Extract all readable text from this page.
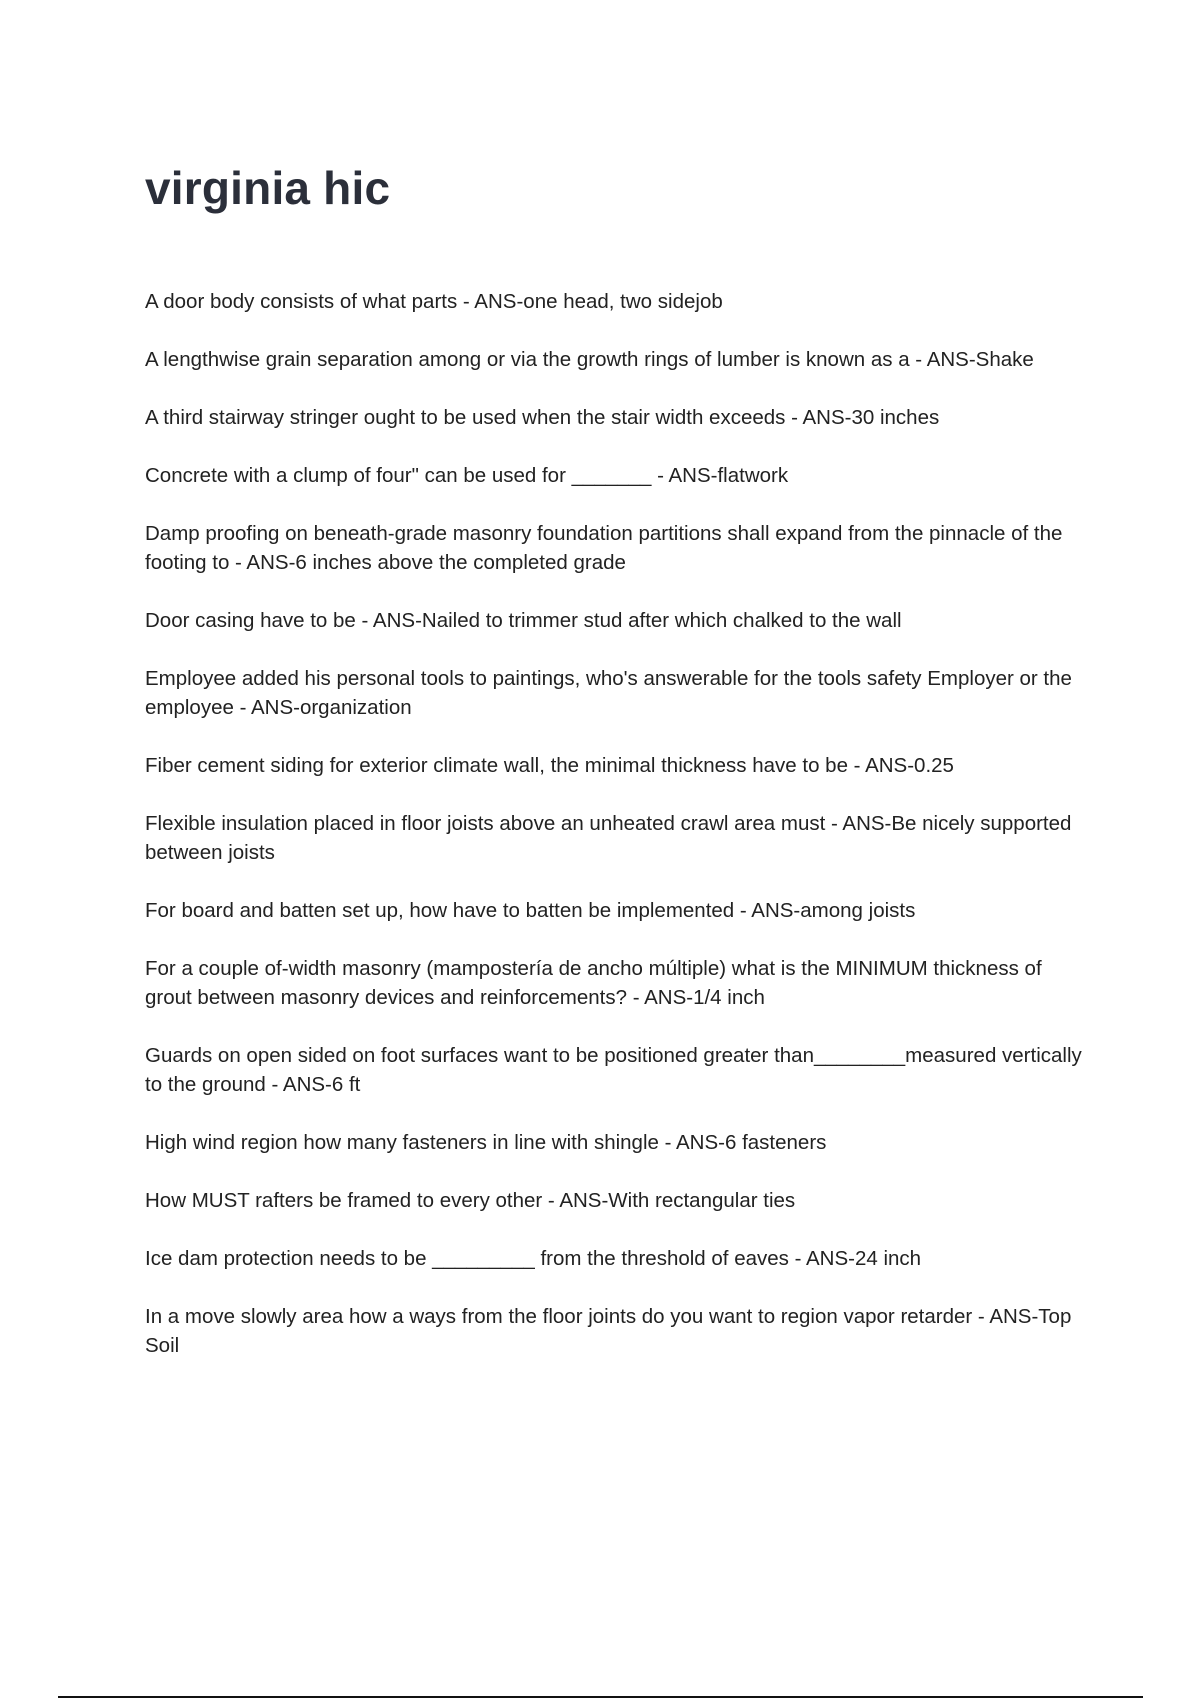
virginia hic
A door body consists of what parts - ANS-one head, two sidejob
A lengthwise grain separation among or via the growth rings of lumber is known as a - ANS-Shake
A third stairway stringer ought to be used when the stair width exceeds - ANS-30 inches
Concrete with a clump of four" can be used for _______ - ANS-flatwork
Damp proofing on beneath-grade masonry foundation partitions shall expand from the pinnacle of the footing to - ANS-6 inches above the completed grade
Door casing have to be - ANS-Nailed to trimmer stud after which chalked to the wall
Employee added his personal tools to paintings, who's answerable for the tools safety Employer or the employee - ANS-organization
Fiber cement siding for exterior climate wall, the minimal thickness have to be - ANS-0.25
Flexible insulation placed in floor joists above an unheated crawl area must - ANS-Be nicely supported between joists
For board and batten set up, how have to batten be implemented - ANS-among joists
For a couple of-width masonry (mampostería de ancho múltiple) what is the MINIMUM thickness of grout between masonry devices and reinforcements? - ANS-1/4 inch
Guards on open sided on foot surfaces want to be positioned greater than________measured vertically to the ground - ANS-6 ft
High wind region how many fasteners in line with shingle - ANS-6 fasteners
How MUST rafters be framed to every other - ANS-With rectangular ties
Ice dam protection needs to be _________ from the threshold of eaves - ANS-24 inch
In a move slowly area how a ways from the floor joints do you want to region vapor retarder - ANS-Top Soil
